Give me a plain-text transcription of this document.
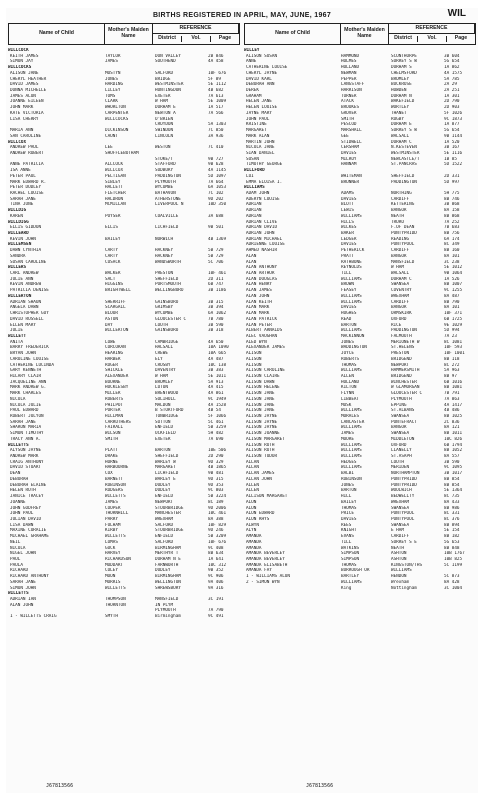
BIRTHS REGISTERED IN APRIL, MAY, JUNE, 1967	WIL
Name of Child	Mother's Maiden Name
REFERENCE
District	Vol.	Page
Name of Child	Mother's Maiden Name
REFERENCE
District	Vol.	Page
WILLCOCK
KEITH JAMES	TAYLOR	DON VALLEY	2B 846
SIMON JAY	JAMES	SOUTHEND	4A 458
WILLCOCKS
ALISON JANE	MOSTYN	SALFORD	10F 676
CHERYL HEATHER	JONES	BRIDGE	5F 89
DAVID JAMES	HARDING	WESTMINSTER	5E 1112
DONNA MICHELLE	LILLEY	HUNTINGDON	4B 682
JAMES ALUN	TOMS	EXETER	7A 613
JOANNE EILEEN	CLARK	W HAM	5E 1009
JOHN MARK	WHORLTON	DURHAM E	1A 517
KATE VICTORIA	CARPENTER	NEWTON A	7A 566
LISA CHERRY	WILLCOCKS	O'BRIEN
CROYDON	5A 1303
MARIA ANN	DICKINSON	SWINDON	7C 850
SAN CAROLINE	CAUNT	LINCOLN	3A 936
WILLCOX
ANDREW PAUL	LEE	WESTON	7C 410
ANDREW ROBERT	SHUFFLEBOTHAM
STOKE/T	9B 727
ANNE PATRICIA	ALLCOCK	STAFFORD	9B 628
ISA ANNE	WILLCOX	SUDBURY	4A 1145
PETER PAUL	PELTIGAN	PADDINGTON	5D 1097
MARK EDWARD R.	SIBLEY	PLYMOUTH	7A 664
PETER DUDLEY	HALLETT	WYCOMBE	6A 1053
RACHEL LOUISE	FLETCHER	BATHAVON	7C 102
SARAH JANE	HALDRON	ATHERSTONE	9D 202
TINA JUNE	MCMILLAN	LIVERPOOL N	10D 350
WILLDIG
KAREN	POYSER	COALVILLE	3A 688
WILLDIGG
ELLIS GIDDON	ELLIS	LICHFIELD	9B 501
WILLEARD
KEVIN JOHN	BAILEY	NORWICH	4B 1369
WILLEMSEN
DAWN CYNTHIA	CARTY	HACKNEY	5B 729
SANDRA	CARTY	HACKNEY	5B 729
SUSAN CAROLINE	CUSACK	WANDSWORTH	5C 706
WILLERS
CARL ANDREW	WALKER	PRESTON	10F 461
JULIE ANN	SALT	SHEFFIELD	2D 311
KEVIN ANDREW	HIGGINS	PORTSMOUTH	6B 747
PATRICIA DENISE	BRIGHTWELL	WELLINGBORO	3B 1186
WILLERTON
ADRIAN SHAUN	SHERRIFF	GAINSBORO	3B 315
ANGELA DAWN	SCARGALL	GRIMSBY	3B 394
CHRISTOPHER GUY	BLOOR	WYCOMBE	6A 1062
DAVID RUSSELL	ASTON	GLOUCESTER C	7B 780
ELLEN MARY	DAY	LOUTH	3B 590
JULIE	WILLERTON	GAINSBORO	3B 318
WILLETT
ANITA	LOWE	CAMBRIDGE	4A 650
BARRY FREDERICK	CORCORAN	HALSALL	10A 1090
BRYAN JOHN	HEARING	CREWE	10A 665
CAROLINE LOUISE	HARBER	ELY	4A 487
CATHERINE LUCINDA	ROGER	CROSBY	10C 138
GARY KENNETH	SHICKLE	DAVENTRY	3B 383
HILARY CLAIR	ALEXANDER	W HAM	5E 1011
JACQUELINE ANN	BOURNE	BROMLEY	5A 913
MARK ANDREW G.	HUCKLESBY	LUTON	4A 415
MARK CHARLES	MILLER	BRENTWOOD	4A 861
NICOLA	ROBERTS	SOLIHULL	9C 1949
NICOLA JULIE	PHILPOT	MALDON	4A 1528
PAUL EDWARD	PORTER	B STORTFORD	4B 54
ROBERT JOLYON	HILLMAN	TONBRIDGE	5F 1066
SARAH JANE	CARRUTHERS	SUTTON	5C 461
SHARON MARIA	FAIRALL	ENFIELD	5B 3259
SIMON TIMOTHY	WILSON	UCKFIELD	5H 482
TRACY ANN A.	SMITH	EXETER	7A 690
WILLETTS
ALYSON JAYNE	PLATT	BARTON	10E 506
ANDREW MARK	DRAKE	SHEFFIELD	2D 290
CRAIG ANTHONY	HORNE	WARLEY W	9D 329
DAVID STUART	HARBOURNE	MARGARET	4B 1865
DEAN	COX	LICHFIELD	9B 481
DEBORAH	BARNETT	WARLEY E	9D 315
DEBORAH ELAINE	ROBINSON	DUDLEY	9D 353
HELEN RUTH	RODGERS	DUDLEY	9C 803
JANICE TRACEY	WILLETTS	ENFIELD	5B 3224
JOANNE	JAMES	NEWPORT	8C 189
JOHN GODFREY	COOPER	STOURBRIDGE	9D 2006
JOHN PAUL	THORNHILL	MANCHESTER	10C 461
JULIAN DAVID	PARRY	WREXHAM	8A 388
LISA DAWN	FULHAM	SALFORD	10F 829
MAXINE CORALIE	KIRBY	STOURBRIDGE	9D 246
MICHAEL GRAHAME	WILLETTS	ENFIELD	5B 3209
NEIL	LOMAS	SALFORD	10F 676
NICOLA	GUCK	BIRMINGHAM	9C 408
NIGEL JOHN	HARVEY	MERTHYR T	8B 634
PAUL	RICHARDSON	DURHAM N E	1A 641
PAULA	MUDDART	FARNWORTH	10C 312
RICHARD	COLEY	DUDLEY	9B 352
RICHARD ANTHONY	MOON	BIRMINGHAM	9C 906
SARAH JANE	MORRIS	WELLINGTON	9A 406
SIMON JOHN	WILLETTS	SHREWSBURY	9A 316
WILLETTS
ADRIAN IAN	THOMPSON	MANSFIELD	3C 191
ALAN JOHN	THORNTON	IN PLYM
PLYMOUTH	7A 790
1 - WILLETTS CRAIG	SMYTH	Birmingham	9C 491
WILLEY
ALISON SUSAN	HAMMOND	SCUNTHORPE	3B 604
ANNE	HOLMES	SURREY S W	5G 654
CATHERINE LOUISE	HOLLAND	DURHAM S	1A 862
CHERYL JAYNE	NEWMAN	CHELMSFORD	4A 1575
DAVID KARL	PEPPER	BROMLEY	5A 785
DEBORAH ANN	LANGSTAFF	BUCKROSE	2A 29
DEREK	HARRISON	HOWDEN	2A 251
GRAHAM	TURNER	DURHAM N	1A 301
HELEN JANE	ATACK	WAKEFIELD	2D 790
HELEN LOUISE	BROOKES	WORTLEY	2D 903
JAYNE MARY	GROVER	THANET	5F 1026
JOHN PAUL	SMITH	RUGBY	9C 1873
KRISTINE	PESCOD	DURHAM E	1A 877
MARGARET	MARSHALL	SURREY S W	5G 654
MARK ALAN	GEE	WALSALL	9B 1144
MARTIN JOHN	STIDWELL	DURHAM C	1A 520
NICOLA JANE	CERSHAM	N.KESTEVEN	3B 167
SIAN DANIEL	DAVIES	WESTMINSTER	5E 1116
SUSAN	MILROY	NEWCASTLE/T	1B 85
TIMOTHY GEORGE	HANNAM	ST.PANCRAS	5D 1522
WILLFORD
LUI	WHITEMAN	SHEFFIELD	2D 331
EMMA ELOISA I.	BRUNNER	PADDINGTON	5D 997
WILLIAMS
ADAM JOHN	ADAMS	NORTHING	5H 775
ADERYN LOUISE	DAVIES	CARDIFF	8B 746
ADRIAN	BLOTT	KETTERING	3B 868
ADRIAN	LEWIS	BANGOR	8A 158
ADRIAN	WILLIAMS	NEATH	8B 868
ADRIAN CLIVE	HILLS	TRURO	7A 252
ADRIAN DAVID	WILKES	F.OF DEAN	7B 683
ADRIAN JOHN	BAKER	PONTYPRIDD	8B 756
ADRIAN MICHAEL	LEDGER	READING	6A 174
ADRIENNE LOUISE	DAVIES	PONTYPOOL	8C 349
AHMED NASHIR	PETHERICK	CARDIFF	8B 160
ALAN	PRATT	BANGOR	8A 101
ALAN	RATHBONE	MANSFIELD	3C 238
ALAN ANTHONY	REYNOLDS	W HAM	5E 1012
ALAN ARTHUR	TILL	WALSALL	9B 1064
ALAN DOUGLAS	WILLIAMS	DURHAM C	1A 526
ALAN HENRY	BROWN	SWANSEA	8B 1007
ALAN JAMES	FEASEY	COVENTRY	9C 1255
ALAN JOHN	WILLIAMS	WREXHAM	8A 487
ALAN KEITH	WILLIAMS	CARDIFF	8B 790
ALAN MARK	DAVIES	BANGOR	8A 101
ALAN MARK	HUGHES	ORMSKIRK	10F 371
ALAN PATRICK	READ	OXFORD	6B 1725
ALAN PETER	BARTON	RICE	9E 1029
ALBERT ARNALDS	WILLIAMS	PADDINGTON	5D 994
ALEC VAUGHAN	MACKINNON	FALMOUTH	7A 23
ALED WYN	JONES	MERIONETH W	8C 1081
ALEXANDER JAMES	WADDINGTON	ST.HELENS	10F 593
ALISON	JOYCE	PRESTON	10F 1001
ALISON	ROBERTS	BRIDGEND	8B 118
ALISON	THOMAS	NEWPORT	8C 272
ALISON CAROLINE	WILLIAMS	HAMMERSMITH	5A 963
ALISON CLAIRE	ALLEN	BRIDGEND	8B 97
ALISON DAWN	HOLLAND	WINCHESTER	6B 1016
ALISON HELENE	KILTON	W GLAMORGAN	8B 1081
ALISON JANE	FLYNN	GLOUCESTER C	7B 791
ALISON JANE	LIBBEAT	PLYMOUTH	7A 863
ALISON JANE	MUSK	EPPING	4A 1417
ALISON JANE	WILLIAMS	ST.ALBANS	4B 486
ALISON JAYNE	MORALES	SWANSEA	8B 1025
ALISON JAYNE	LANCASTER	PONTEFRACT	2C 836
ALISON JAYNE	WILLIAMS	BANGOR	8A 121
ALISON JOANNE	JAMES	SWANSEA	8B 1011
ALISON MARGARET	MOORE	MIDDLETON	10C 826
ALISON RUTH	WILLIAMS	OXFORD	6B 1794
ALISON RUTH	WILLIAMS	LLANELLY	8B 1052
ALISON TUDOR	WILLIAMS	ST.ASAPH	8A 557
ALLAN	HEDGES	LOUTH	3B 590
ALLAN	WILLIAMS	MERIDEN	9C 1095
ALLAN JAMES	BALBI	NORTHAMPTON	3B 1017
ALLAN JOHN	ROBINSON	PONTYPRIDD	8B 854
ALLEN	JONES	PONTYPRIDD	8B 854
ALLEN	BARTON	WOOLWICH	5E 1364
ALLISON MARGARET	HILL	BEDWELLTY	8C 735
ALUN	BAILEY	WREXHAM	8A 433
ALUN	THOMAS	SWANSEA	8B 986
ALUN EDWARD	PRICE	PONTYPOOL	8C 331
ALUN RHYS	DAVIES	PONTYPOOL	8C 376
ALWYN	REES	SWANSEA	8B 894
ALYN	KNIGHT	E HAM	5E 154
AMANDA	EVANS	CARDIFF	8B 182
AMANDA	TILL	SURREY S E	5G 653
AMANDA	WATKINS	NEATH	8B 848
AMANDA BEVERLEY	SIMPSON	ASHTON	10B 1767
AMANDA BEVERLEY	SIMPSON	ASHTON	10B 825
AMANDA ELISABETH	THOMAS	KINGSTON/THS	5C 1199
AMANDA FAY	BURROUGH OR	WILLIAMS
1 - WILLIAMS ALUN	BARTLEY	HENDON	5C 873
2 - SIMON WYN	WILLIAMS	Wrexham	8A 428
King	Nottingham	3C 1004
J67813566	J67813566
